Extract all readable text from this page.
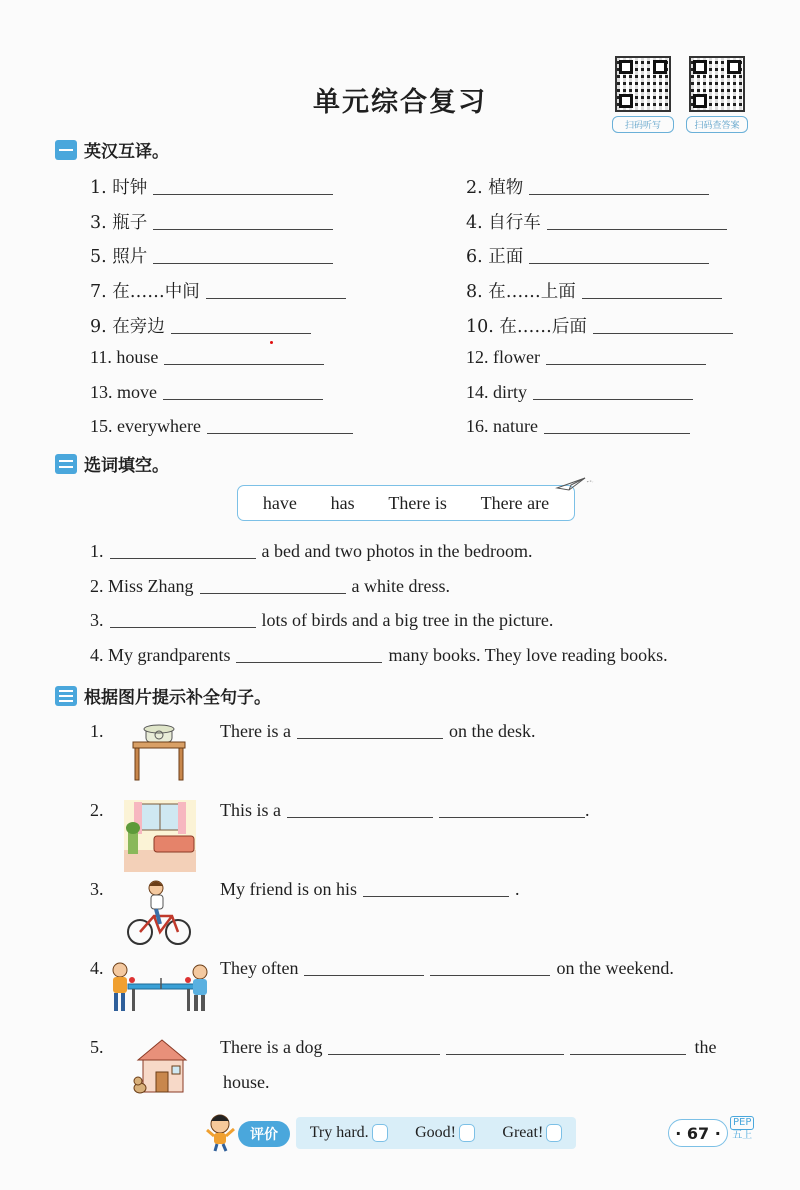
单元综合复习
扫码听写	扫码查答案
英汉互译。
1. 时钟	2. 植物
3. 瓶子	4. 自行车
5. 照片	6. 正面
7. 在……中间	8. 在……上面
9. 在旁边	10. 在……后面
11. house	12. flower
13. move	14. dirty
15. everywhere	16. nature
选词填空。
have has There is There are
1.	a bed and two photos in the bedroom.
2. Miss Zhang	a white dress.
3.	lots of birds and a big tree in the picture.
4. My grandparents	many books. They love reading books.
根据图片提示补全句子。
1.	There is a	on the desk.
2.	This is a	.
3.	My friend is on his	.
4.	They often	on the weekend.
5.	There is a dog	the
house.
评价	Try hard.	Good!	Great!	· 67 ·
PEP
五上
